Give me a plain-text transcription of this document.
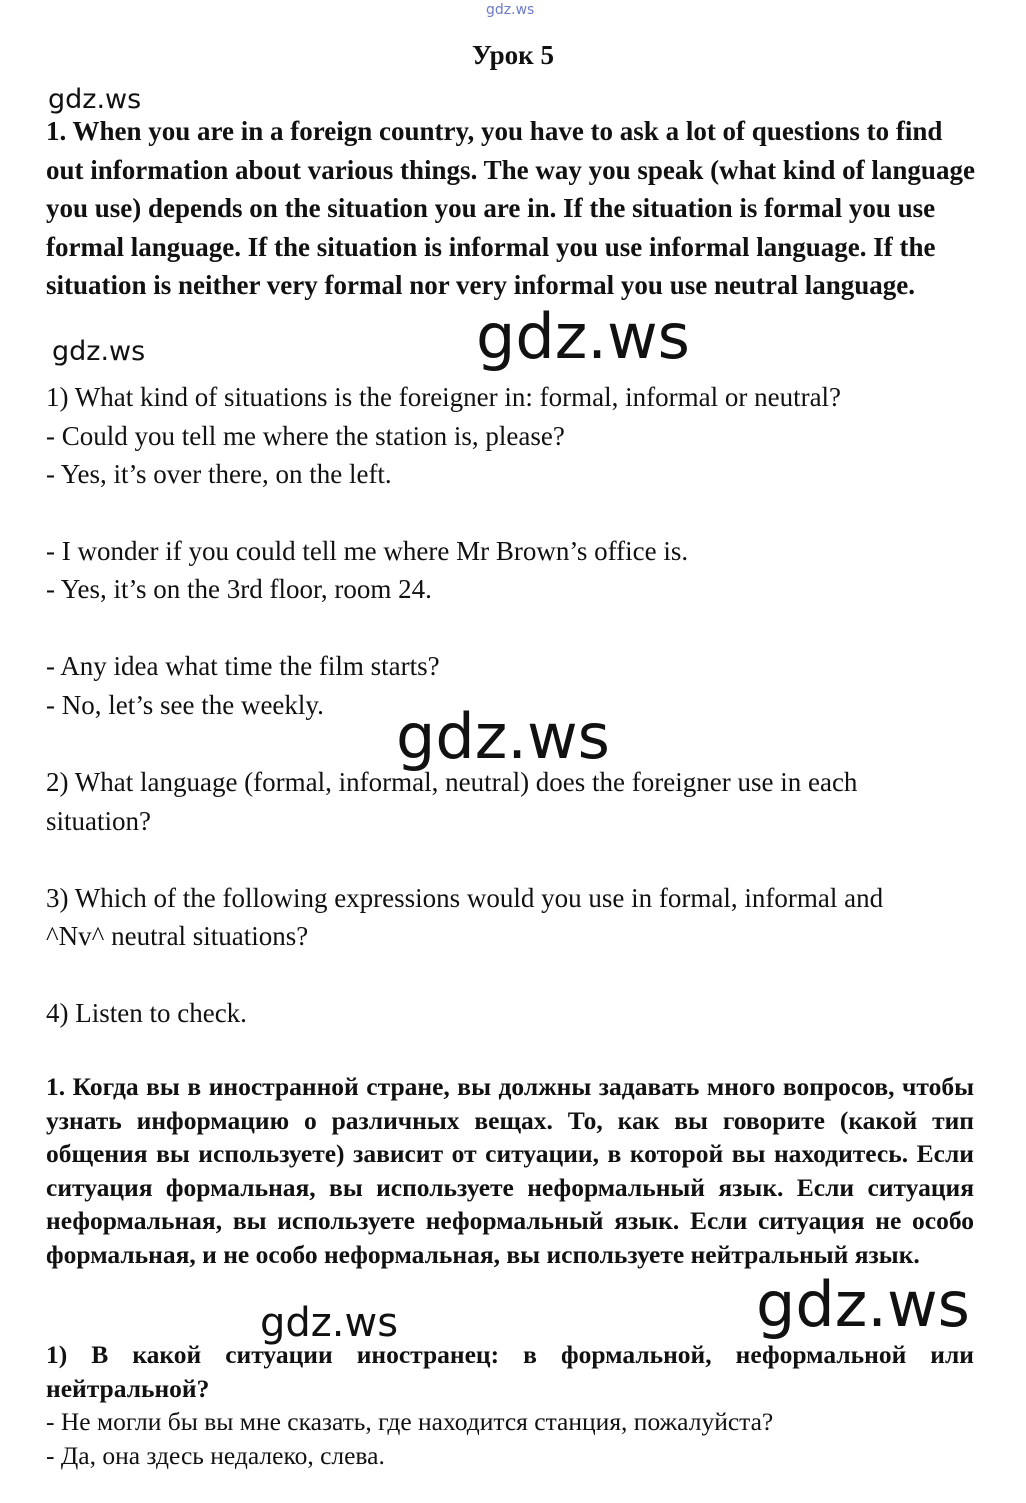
gdz.ws
Урок 5
gdz.ws
1. When you are in a foreign country, you have to ask a lot of questions to find out information about various things. The way you speak (what kind of language you use) depends on the situation you are in. If the situation is formal you use formal language. If the situation is informal you use informal language. If the situation is neither very formal nor very informal you use neutral language.
gdz.ws
gdz.ws
1) What kind of situations is the foreigner in: formal, informal or neutral?
- Could you tell me where the station is, please?
- Yes, it’s over there, on the left.
- I wonder if you could tell me where Mr Brown’s office is.
- Yes, it’s on the 3rd floor, room 24.
- Any idea what time the film starts?
- No, let’s see the weekly. gdz.ws
2) What language (formal, informal, neutral) does the foreigner use in each
situation?
3) Which of the following expressions would you use in formal, informal and
^Nv^ neutral situations?
4) Listen to check.
1. Когда вы в иностранной стране, вы должны задавать много вопросов, чтобы узнать информацию о различных вещах. То, как вы говорите (какой тип общения вы используете) зависит от ситуации, в которой вы находитесь. Если ситуация формальная, вы используете неформальный язык. Если ситуация неформальная, вы используете неформальный язык. Если ситуация не особо формальная, и не особо неформальная, вы используете нейтральный язык.
gdz.ws
gdz.ws
1) В какой ситуации иностранец: в формальной, неформальной или нейтральной?
- Не могли бы вы мне сказать, где находится станция, пожалуйста?
- Да, она здесь недалеко, слева.
